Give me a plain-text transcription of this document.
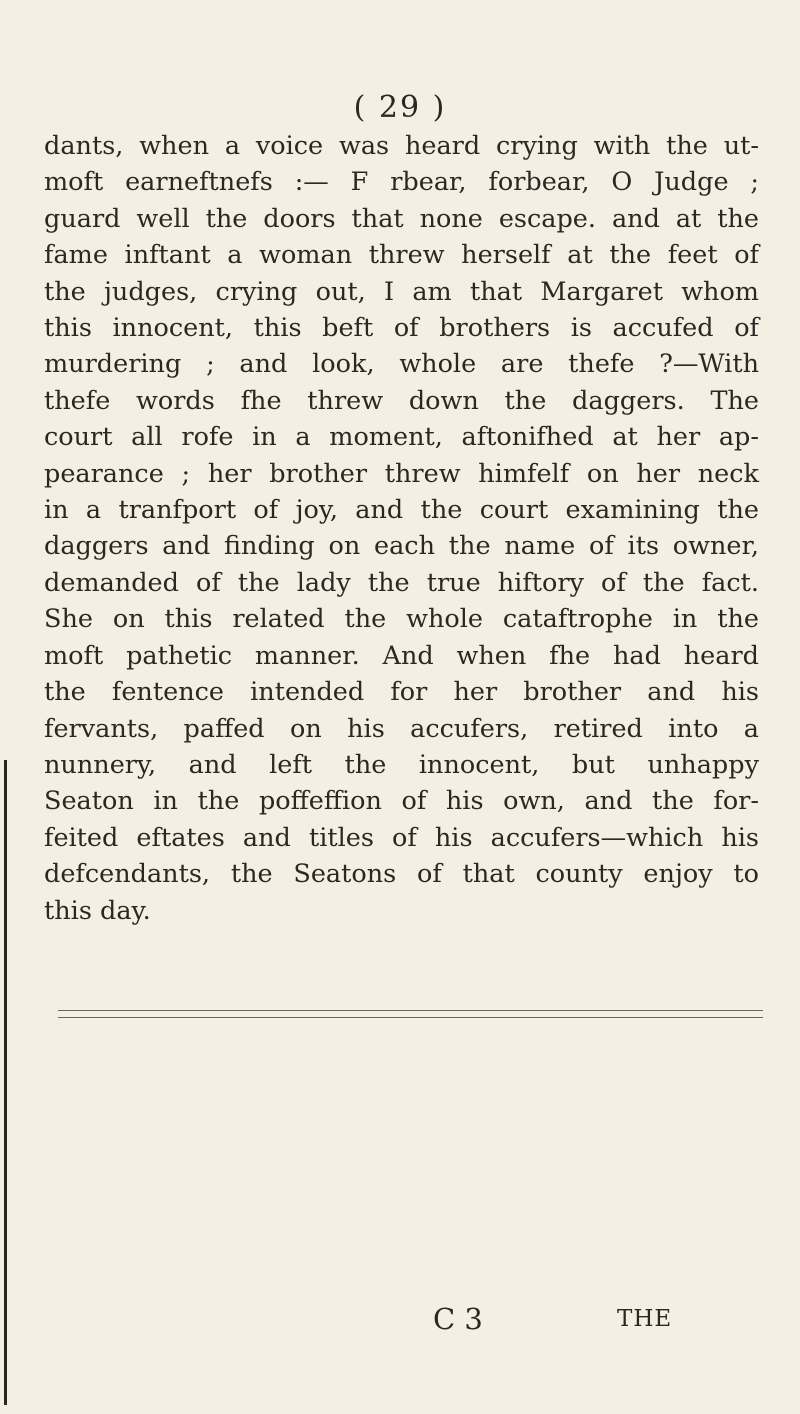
( 29 )
dants, when a voice was heard crying with the ut-
moft earneftnefs :— F rbear, forbear, O Judge ;
guard well the doors that none escape. and at the
fame inftant a woman threw herself at the feet of
the judges, crying out, I am that Margaret whom
this innocent, this beft of brothers is accufed of
murdering ; and look, whole are thefe ?—With
thefe words fhe threw down the daggers. The
court all rofe in a moment, aftonifhed at her ap-
pearance ; her brother threw himfelf on her neck
in a tranfport of joy, and the court examining the
daggers and finding on each the name of its owner,
demanded of the lady the true hiftory of the fact.
She on this related the whole cataftrophe in the
moft pathetic manner. And when fhe had heard
the fentence intended for her brother and his
fervants, paffed on his accufers, retired into a
nunnery, and left the innocent, but unhappy
Seaton in the poffeffion of his own, and the for-
feited eftates and titles of his accufers—which his
defcendants, the Seatons of that county enjoy to
this day.
C 3	THE
